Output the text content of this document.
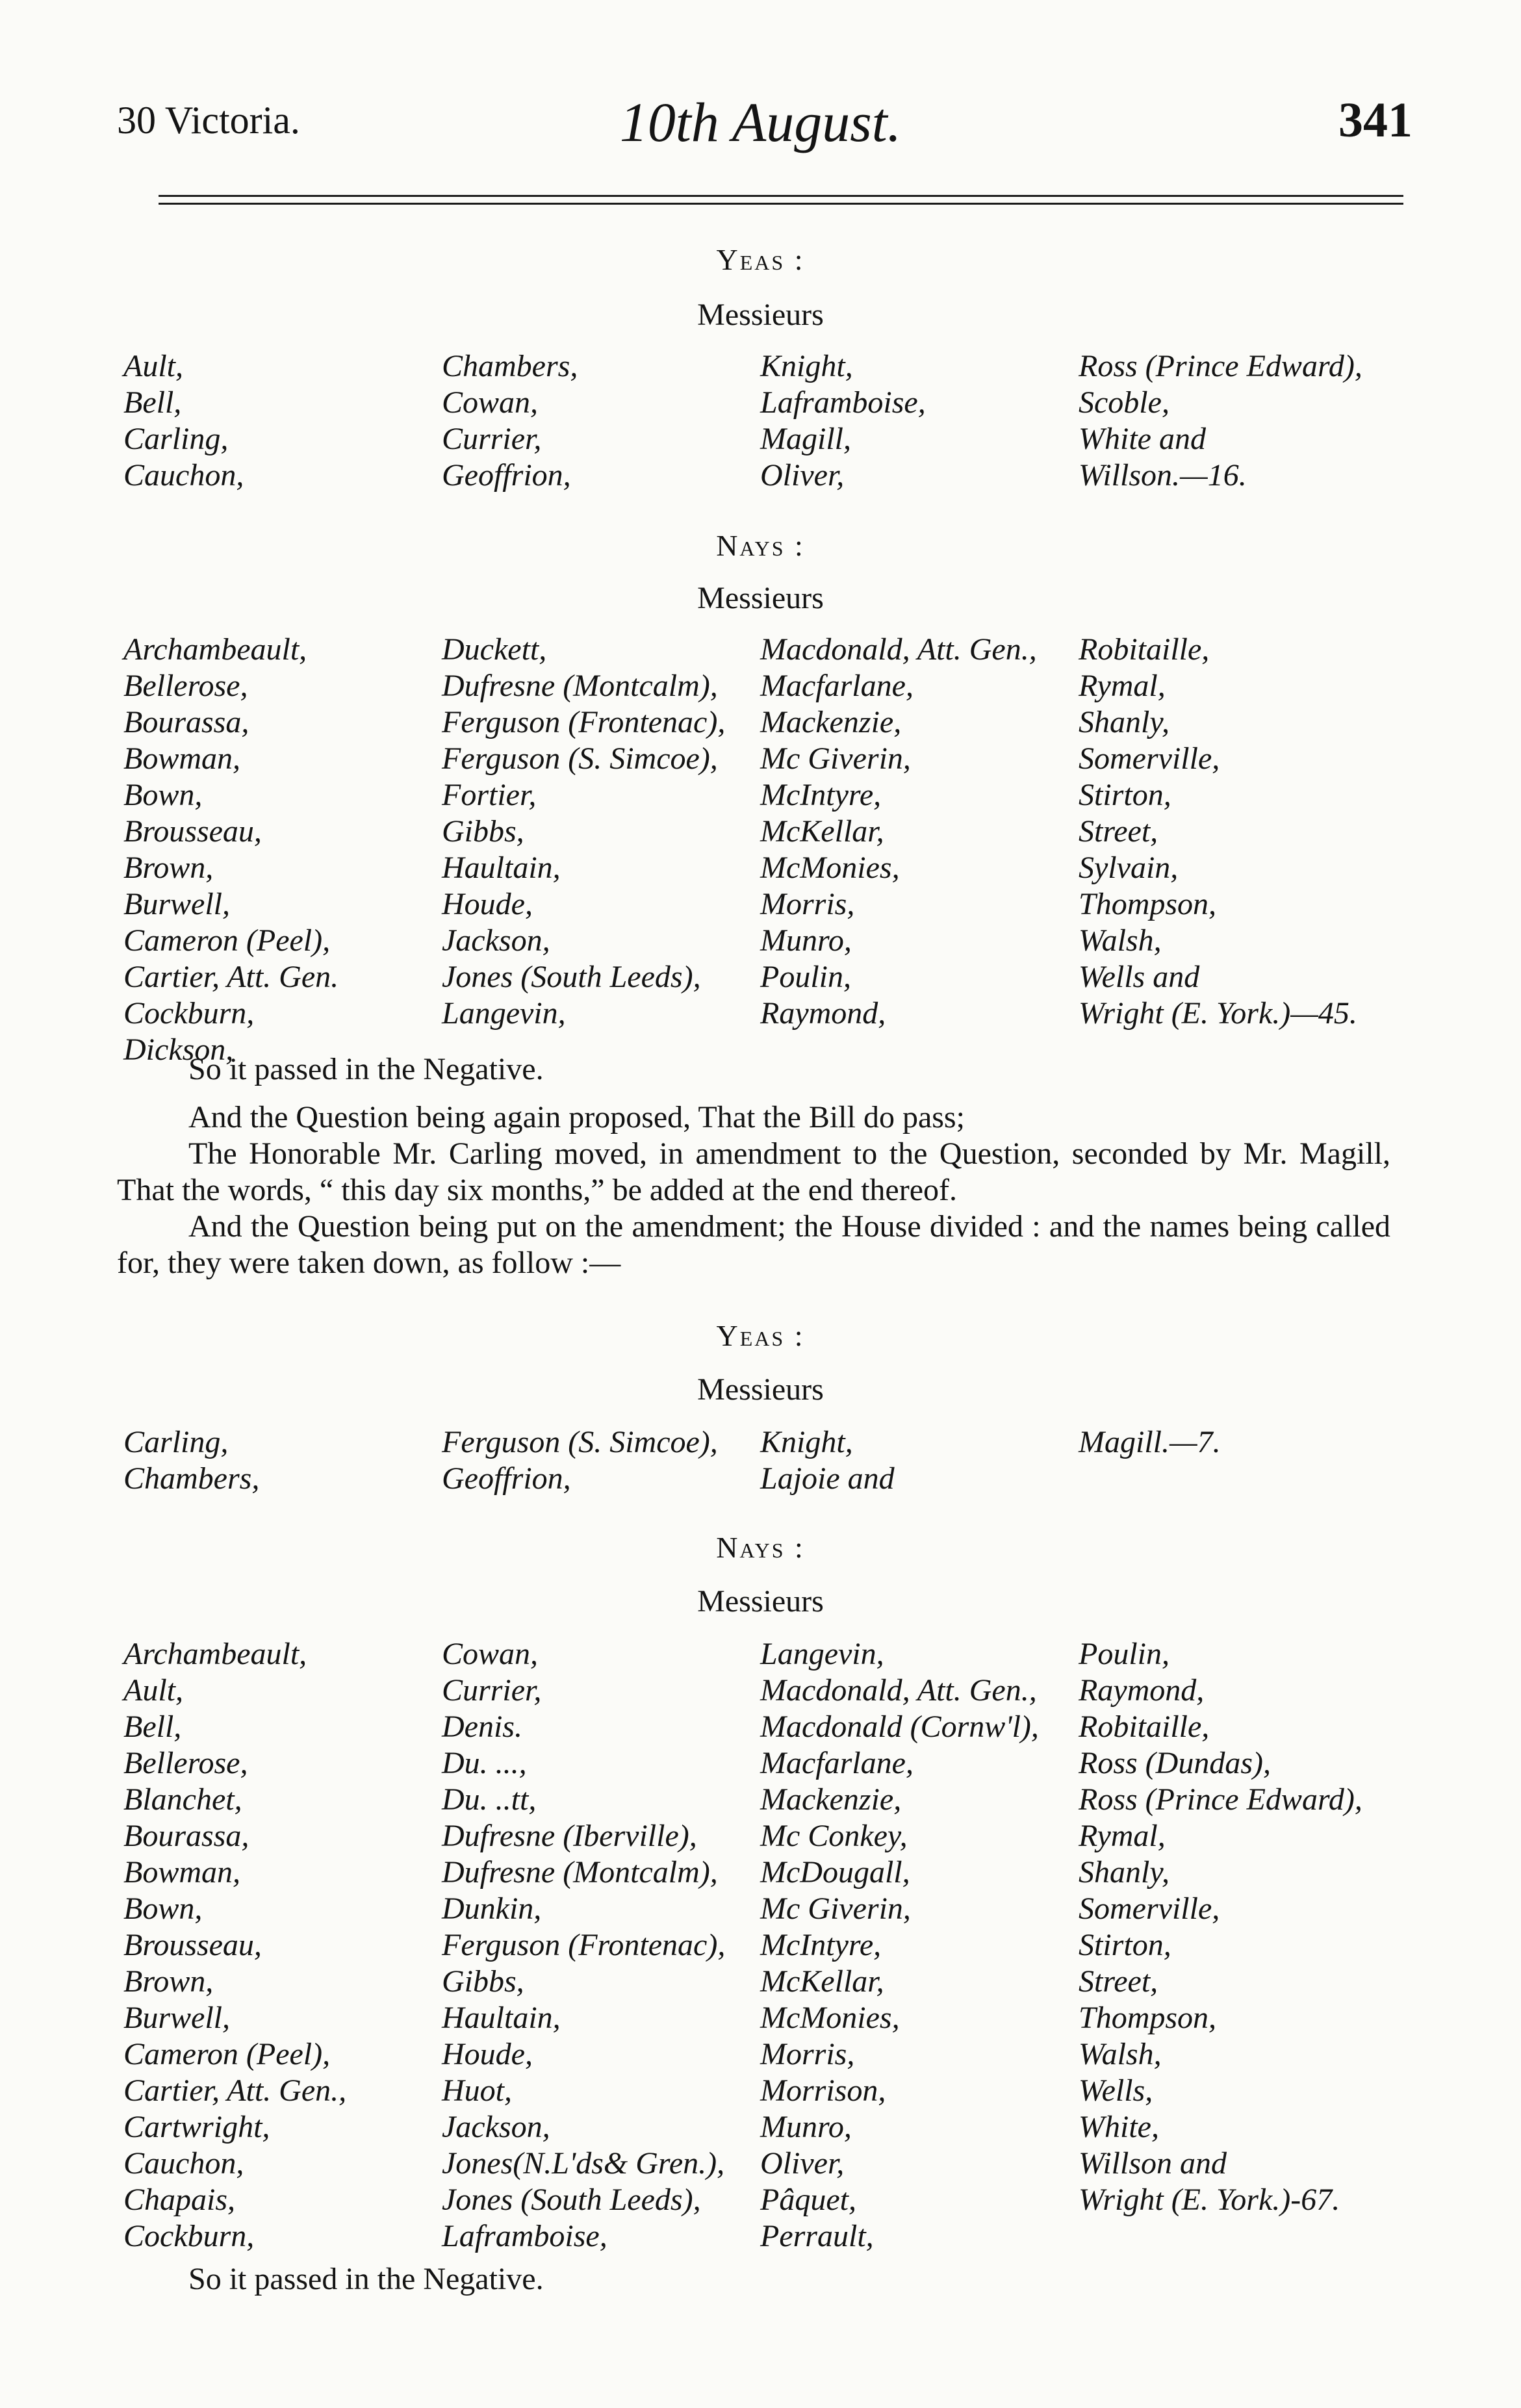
30 Victoria.	10th August.	341
Yeas :
Messieurs
Ault,	Chambers,	Knight,	Ross (Prince Edward),
Bell,	Cowan,	Laframboise,	Scoble,
Carling,	Currier,	Magill,	White and
Cauchon,	Geoffrion,	Oliver,	Willson.—16.
Nays :
Messieurs
Archambeault,	Duckett,	Macdonald, Att. Gen.,	Robitaille,
Bellerose,	Dufresne (Montcalm),	Macfarlane,	Rymal,
Bourassa,	Ferguson (Frontenac),	Mackenzie,	Shanly,
Bowman,	Ferguson (S. Simcoe),	Mc Giverin,	Somerville,
Bown,	Fortier,	McIntyre,	Stirton,
Brousseau,	Gibbs,	McKellar,	Street,
Brown,	Haultain,	McMonies,	Sylvain,
Burwell,	Houde,	Morris,	Thompson,
Cameron (Peel),	Jackson,	Munro,	Walsh,
Cartier, Att. Gen.	Jones (South Leeds),	Poulin,	Wells and
Cockburn,	Langevin,	Raymond,	Wright (E. York.)—45.
Dickson,

So it passed in the Negative.

And the Question being again proposed, That the Bill do pass;

The Honorable Mr. Carling moved, in amendment to the Question, seconded by Mr. Magill, That the words, “ this day six months,” be added at the end thereof.

And the Question being put on the amendment; the House divided : and the names being called for, they were taken down, as follow :—

Yeas :
Messieurs
Carling,	Ferguson (S. Simcoe),	Knight,	Magill.—7.
Chambers,	Geoffrion,	Lajoie and
Nays :
Messieurs
Archambeault,	Cowan,	Langevin,	Poulin,
Ault,	Currier,	Macdonald, Att. Gen.,	Raymond,
Bell,	Denis.	Macdonald (Cornw'l),	Robitaille,
Bellerose,	Du. ...,	Macfarlane,	Ross (Dundas),
Blanchet,	Du. ..tt,	Mackenzie,	Ross (Prince Edward),
Bourassa,	Dufresne (Iberville),	Mc Conkey,	Rymal,
Bowman,	Dufresne (Montcalm),	McDougall,	Shanly,
Bown,	Dunkin,	Mc Giverin,	Somerville,
Brousseau,	Ferguson (Frontenac),	McIntyre,	Stirton,
Brown,	Gibbs,	McKellar,	Street,
Burwell,	Haultain,	McMonies,	Thompson,
Cameron (Peel),	Houde,	Morris,	Walsh,
Cartier, Att. Gen.,	Huot,	Morrison,	Wells,
Cartwright,	Jackson,	Munro,	White,
Cauchon,	Jones(N.L'ds& Gren.),	Oliver,	Willson and
Chapais,	Jones (South Leeds),	Pâquet,	Wright (E. York.)-67.
Cockburn,	Laframboise,	Perrault,

So it passed in the Negative.
